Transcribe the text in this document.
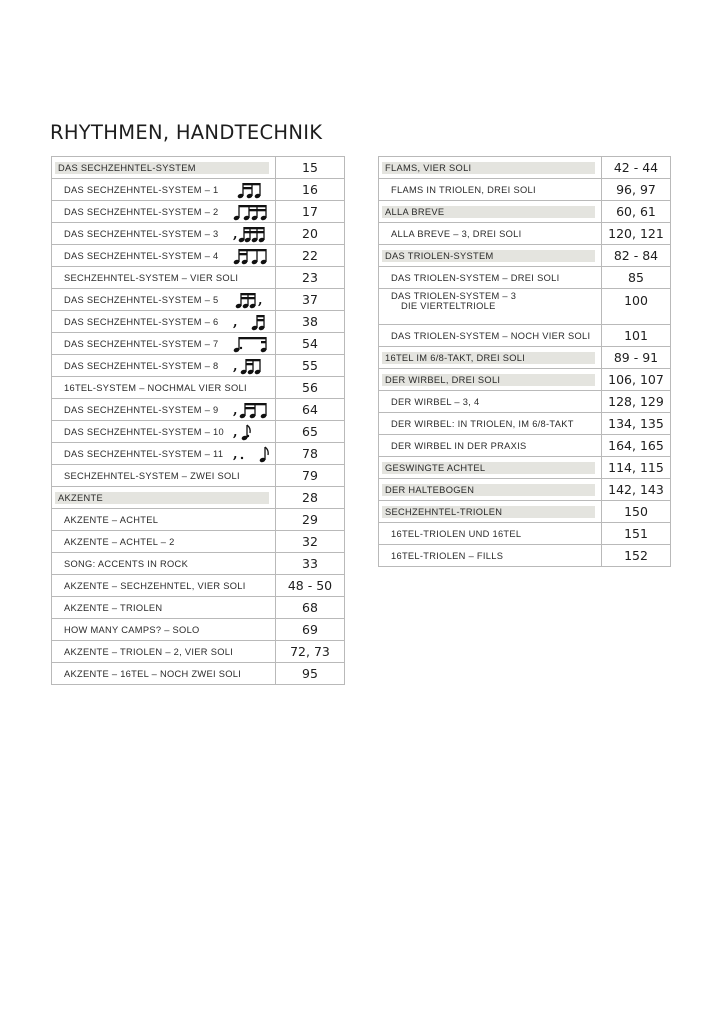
RHYTHMEN, HANDTECHNIK
DAS SECHZEHNTEL-SYSTEM	15

DAS SECHZEHNTEL-SYSTEM – 1	16

DAS SECHZEHNTEL-SYSTEM – 2	17

DAS SECHZEHNTEL-SYSTEM – 3 ,	20

DAS SECHZEHNTEL-SYSTEM – 4	22

SECHZEHNTEL-SYSTEM – VIER SOLI	23

DAS SECHZEHNTEL-SYSTEM – 5 ,	37

DAS SECHZEHNTEL-SYSTEM – 6 ,	38

DAS SECHZEHNTEL-SYSTEM – 7	54

DAS SECHZEHNTEL-SYSTEM – 8 ,	55

16TEL-SYSTEM – NOCHMAL VIER SOLI	56

DAS SECHZEHNTEL-SYSTEM – 9 ,	64

DAS SECHZEHNTEL-SYSTEM – 10 ,	65

DAS SECHZEHNTEL-SYSTEM – 11 ,	78

SECHZEHNTEL-SYSTEM – ZWEI SOLI	79

AKZENTE	28

AKZENTE – ACHTEL	29

AKZENTE – ACHTEL – 2	32

SONG: ACCENTS IN ROCK	33

AKZENTE – SECHZEHNTEL, VIER SOLI	48 - 50

AKZENTE – TRIOLEN	68

HOW MANY CAMPS? – SOLO	69

AKZENTE – TRIOLEN – 2, VIER SOLI	72, 73

AKZENTE – 16TEL – NOCH ZWEI SOLI	95
FLAMS, VIER SOLI	42 - 44

FLAMS IN TRIOLEN, DREI SOLI	96, 97

ALLA BREVE	60, 61

ALLA BREVE – 3, DREI SOLI	120, 121

DAS TRIOLEN-SYSTEM	82 - 84

DAS TRIOLEN-SYSTEM – DREI SOLI	85

DAS TRIOLEN-SYSTEM – 3
DIE VIERTELTRIOLE	100

DAS TRIOLEN-SYSTEM – NOCH VIER SOLI	101

16TEL IM 6/8-TAKT, DREI SOLI	89 - 91

DER WIRBEL, DREI SOLI	106, 107

DER WIRBEL – 3, 4	128, 129

DER WIRBEL: IN TRIOLEN, IM 6/8-TAKT	134, 135

DER WIRBEL IN DER PRAXIS	164, 165

GESWINGTE ACHTEL	114, 115

DER HALTEBOGEN	142, 143

SECHZEHNTEL-TRIOLEN	150

16TEL-TRIOLEN UND 16TEL	151

16TEL-TRIOLEN – FILLS	152
